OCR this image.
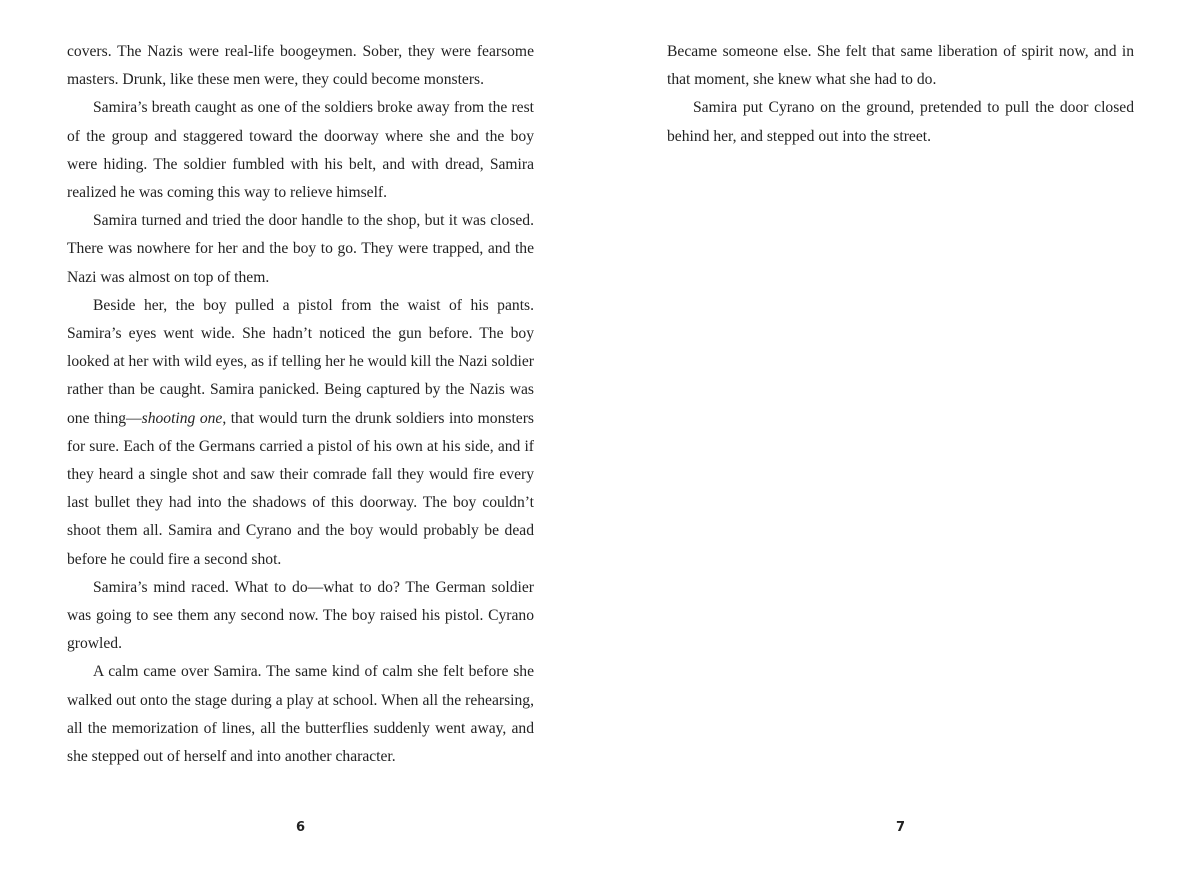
covers. The Nazis were real-life boogeymen. Sober, they were fearsome masters. Drunk, like these men were, they could become monsters.

Samira’s breath caught as one of the soldiers broke away from the rest of the group and staggered toward the doorway where she and the boy were hiding. The soldier fumbled with his belt, and with dread, Samira realized he was coming this way to relieve himself.

Samira turned and tried the door handle to the shop, but it was closed. There was nowhere for her and the boy to go. They were trapped, and the Nazi was almost on top of them.

Beside her, the boy pulled a pistol from the waist of his pants. Samira’s eyes went wide. She hadn’t noticed the gun before. The boy looked at her with wild eyes, as if telling her he would kill the Nazi soldier rather than be caught. Samira panicked. Being captured by the Nazis was one thing—shooting one, that would turn the drunk soldiers into monsters for sure. Each of the Germans carried a pistol of his own at his side, and if they heard a single shot and saw their comrade fall they would fire every last bullet they had into the shadows of this doorway. The boy couldn’t shoot them all. Samira and Cyrano and the boy would probably be dead before he could fire a second shot.

Samira’s mind raced. What to do—what to do? The German soldier was going to see them any second now. The boy raised his pistol. Cyrano growled.

A calm came over Samira. The same kind of calm she felt before she walked out onto the stage during a play at school. When all the rehearsing, all the memorization of lines, all the butterflies suddenly went away, and she stepped out of herself and into another character.

6

Became someone else. She felt that same liberation of spirit now, and in that moment, she knew what she had to do.

Samira put Cyrano on the ground, pretended to pull the door closed behind her, and stepped out into the street.

7
